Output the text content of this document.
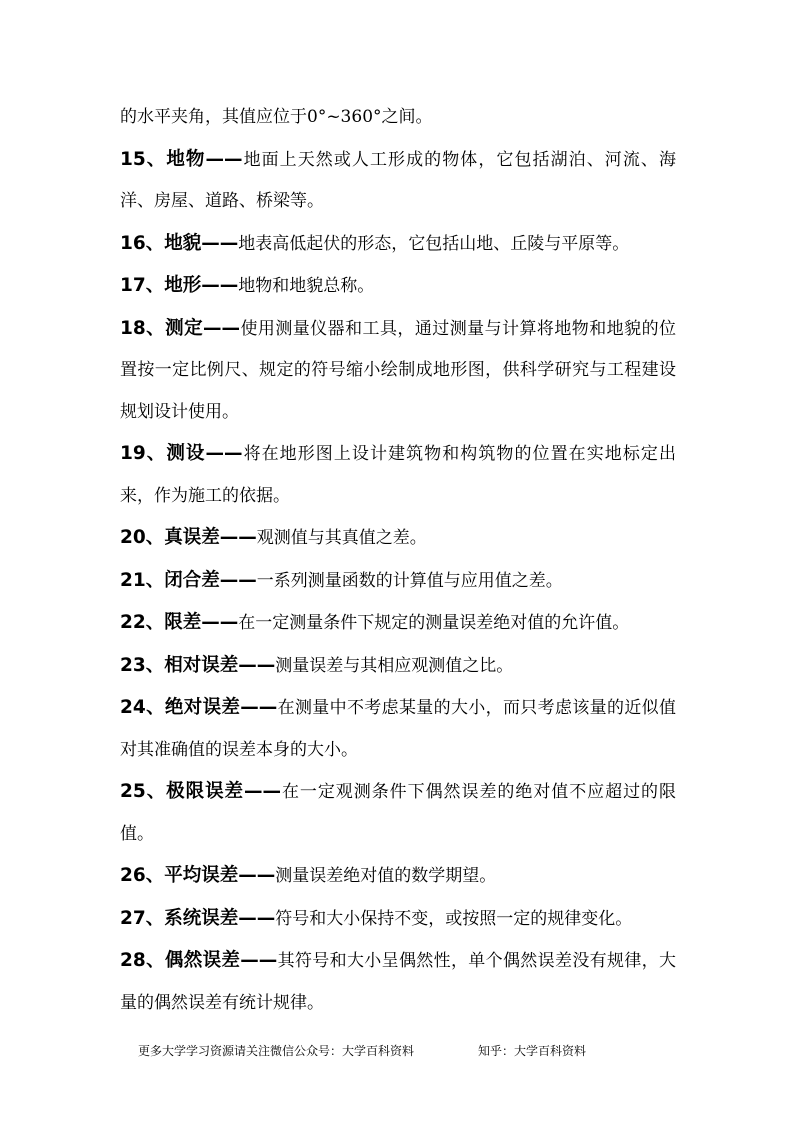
的水平夹角，其值应位于0°~360°之间。

15、地物——地面上天然或人工形成的物体，它包括湖泊、河流、海洋、房屋、道路、桥梁等。

16、地貌——地表高低起伏的形态，它包括山地、丘陵与平原等。

17、地形——地物和地貌总称。

18、测定——使用测量仪器和工具，通过测量与计算将地物和地貌的位置按一定比例尺、规定的符号缩小绘制成地形图，供科学研究与工程建设规划设计使用。

19、测设——将在地形图上设计建筑物和构筑物的位置在实地标定出来，作为施工的依据。

20、真误差——观测值与其真值之差。

21、闭合差——一系列测量函数的计算值与应用值之差。

22、限差——在一定测量条件下规定的测量误差绝对值的允许值。

23、相对误差——测量误差与其相应观测值之比。

24、绝对误差——在测量中不考虑某量的大小，而只考虑该量的近似值对其准确值的误差本身的大小。

25、极限误差——在一定观测条件下偶然误差的绝对值不应超过的限值。

26、平均误差——测量误差绝对值的数学期望。

27、系统误差——符号和大小保持不变，或按照一定的规律变化。

28、偶然误差——其符号和大小呈偶然性，单个偶然误差没有规律，大量的偶然误差有统计规律。

更多大学学习资源请关注微信公众号：大学百科资料	知乎：大学百科资料
